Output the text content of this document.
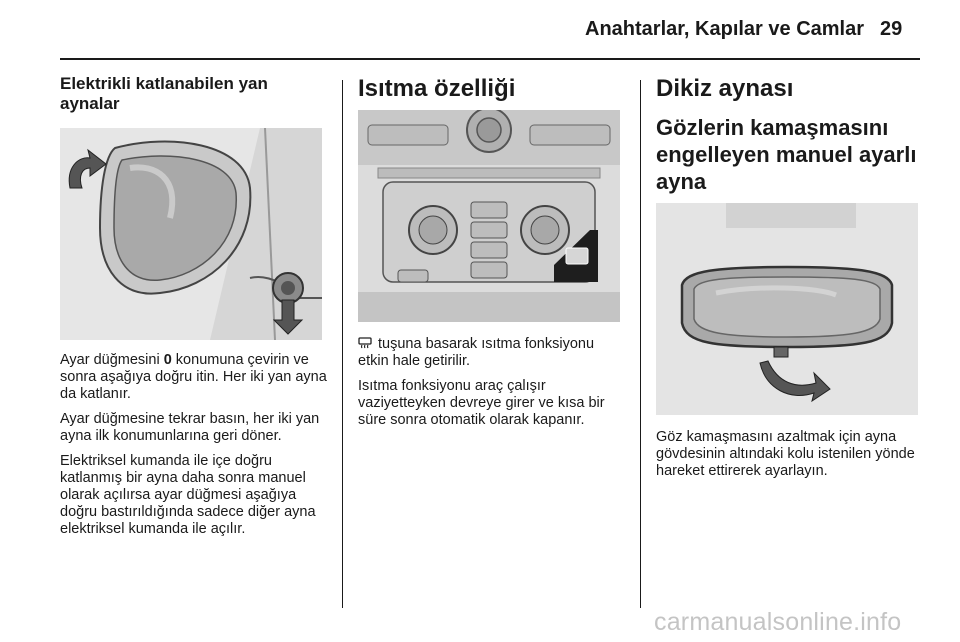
Anahtarlar, Kapılar ve Camlar 29
Elektrikli katlanabilen yan aynalar

Ayar düğmesini 0 konumuna çevirin ve sonra aşağıya doğru itin. Her iki yan ayna da katlanır.

Ayar düğmesine tekrar basın, her iki yan ayna ilk konumunlarına geri döner.

Elektriksel kumanda ile içe doğru katlanmış bir ayna daha sonra manuel olarak açılırsa ayar düğmesi aşağıya doğru bastırıldığında sadece diğer ayna elektriksel kumanda ile açılır.

Isıtma özelliği

tuşuna basarak ısıtma fonksiyonu etkin hale getirilir.

Isıtma fonksiyonu araç çalışır vaziyetteyken devreye girer ve kısa bir süre sonra otomatik olarak kapanır.

Dikiz aynası
Gözlerin kamaşmasını engelleyen manuel ayarlı ayna

Göz kamaşmasını azaltmak için ayna gövdesinin altındaki kolu istenilen yönde hareket ettirerek ayarlayın.

carmanualsonline.info
